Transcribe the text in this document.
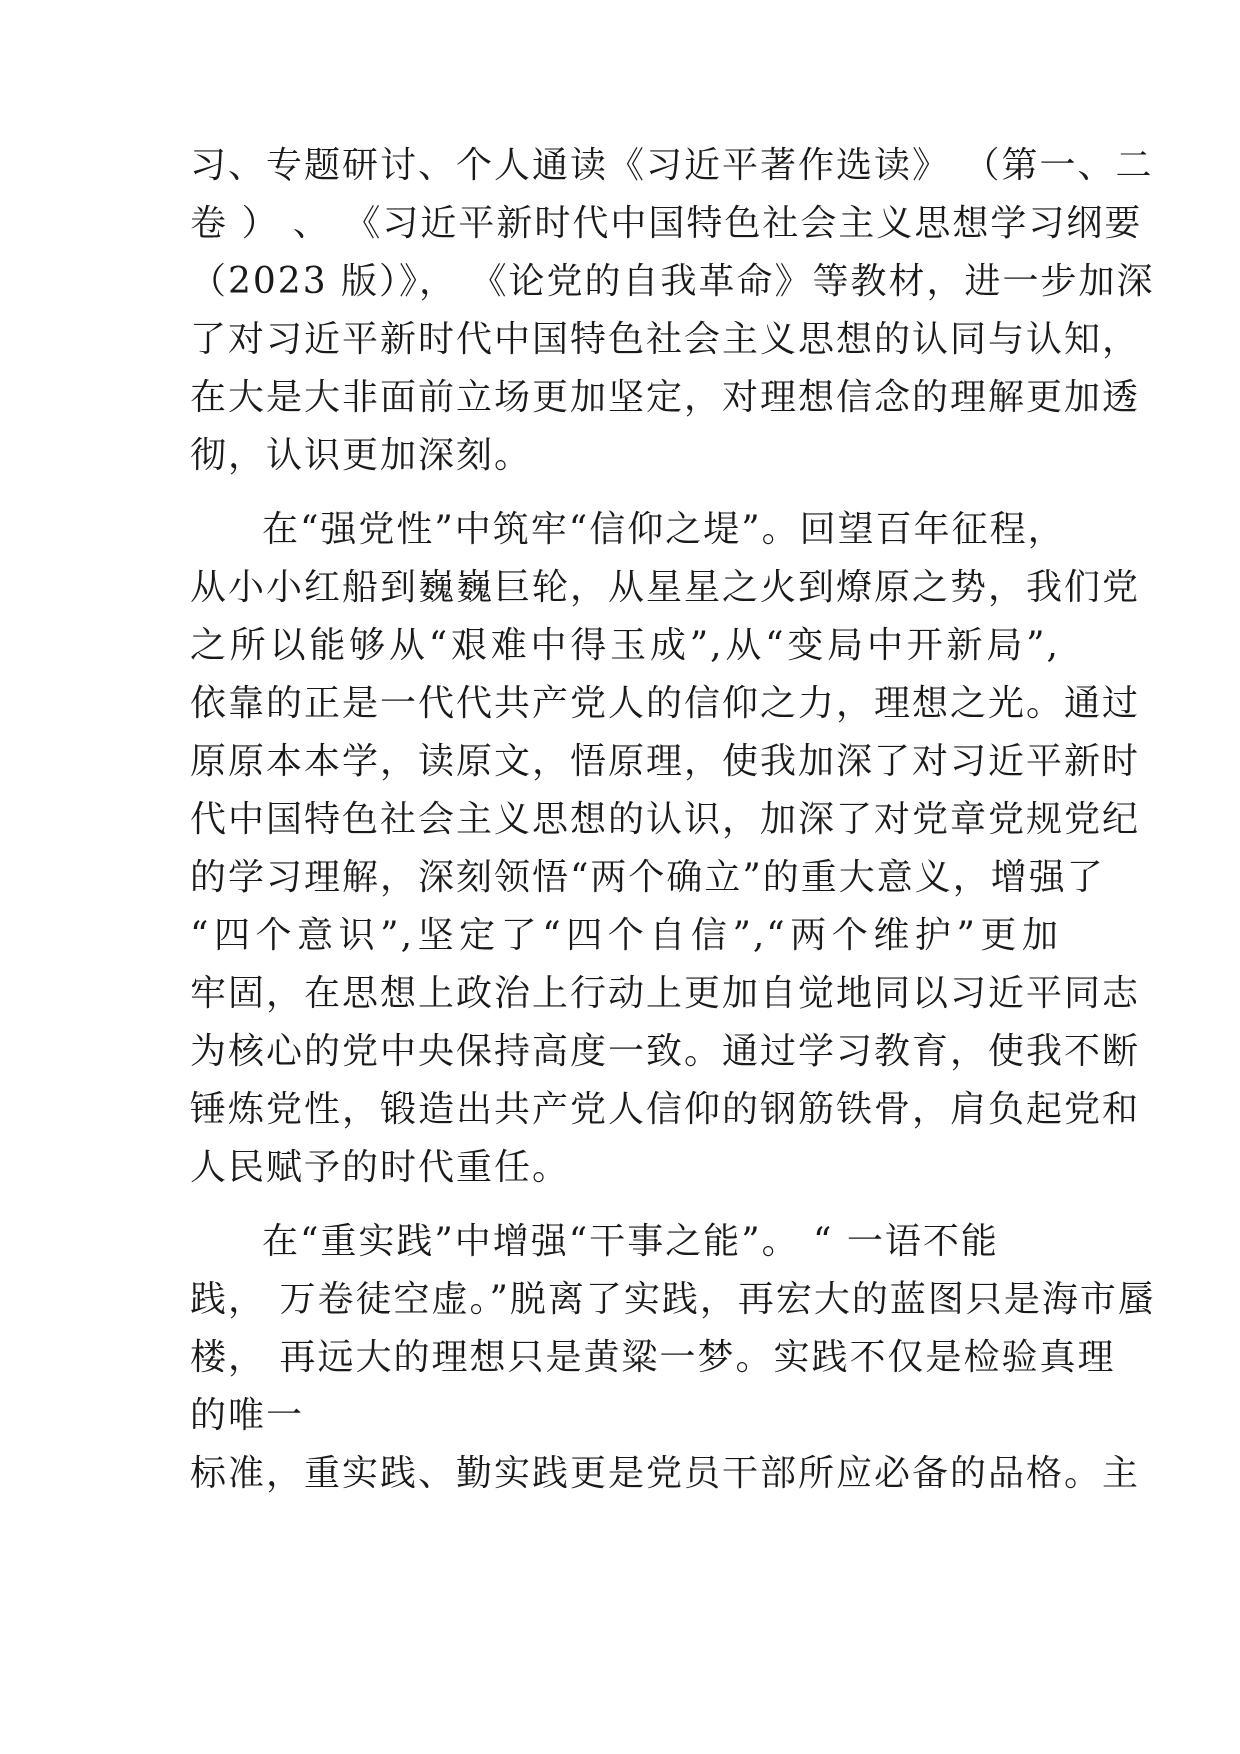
习、专题研讨、个人通读《习近平著作选读》 （第一、二
卷 ） 、 《习近平新时代中国特色社会主义思想学习纲要
（2023 版）》， 《论党的自我革命》等教材，进一步加深
了对习近平新时代中国特色社会主义思想的认同与认知，
在大是大非面前立场更加坚定，对理想信念的理解更加透
彻，认识更加深刻。
在“强党性”中筑牢“信仰之堤”。回望百年征程，
从小小红船到巍巍巨轮，从星星之火到燎原之势，我们党
之所以能够从“艰难中得玉成”,从“变局中开新局”,
依靠的正是一代代共产党人的信仰之力，理想之光。通过
原原本本学，读原文，悟原理，使我加深了对习近平新时
代中国特色社会主义思想的认识，加深了对党章党规党纪
的学习理解，深刻领悟“两个确立”的重大意义，增强了
“四个意识”,坚定了“四个自信”,“两个维护”更加
牢固，在思想上政治上行动上更加自觉地同以习近平同志
为核心的党中央保持高度一致。通过学习教育，使我不断
锤炼党性，锻造出共产党人信仰的钢筋铁骨，肩负起党和
人民赋予的时代重任。
在“重实践”中增强“干事之能”。 “ 一语不能
践， 万卷徒空虚。”脱离了实践，再宏大的蓝图只是海市蜃
楼， 再远大的理想只是黄粱一梦。实践不仅是检验真理
的唯一
标准，重实践、勤实践更是党员干部所应必备的品格。主
